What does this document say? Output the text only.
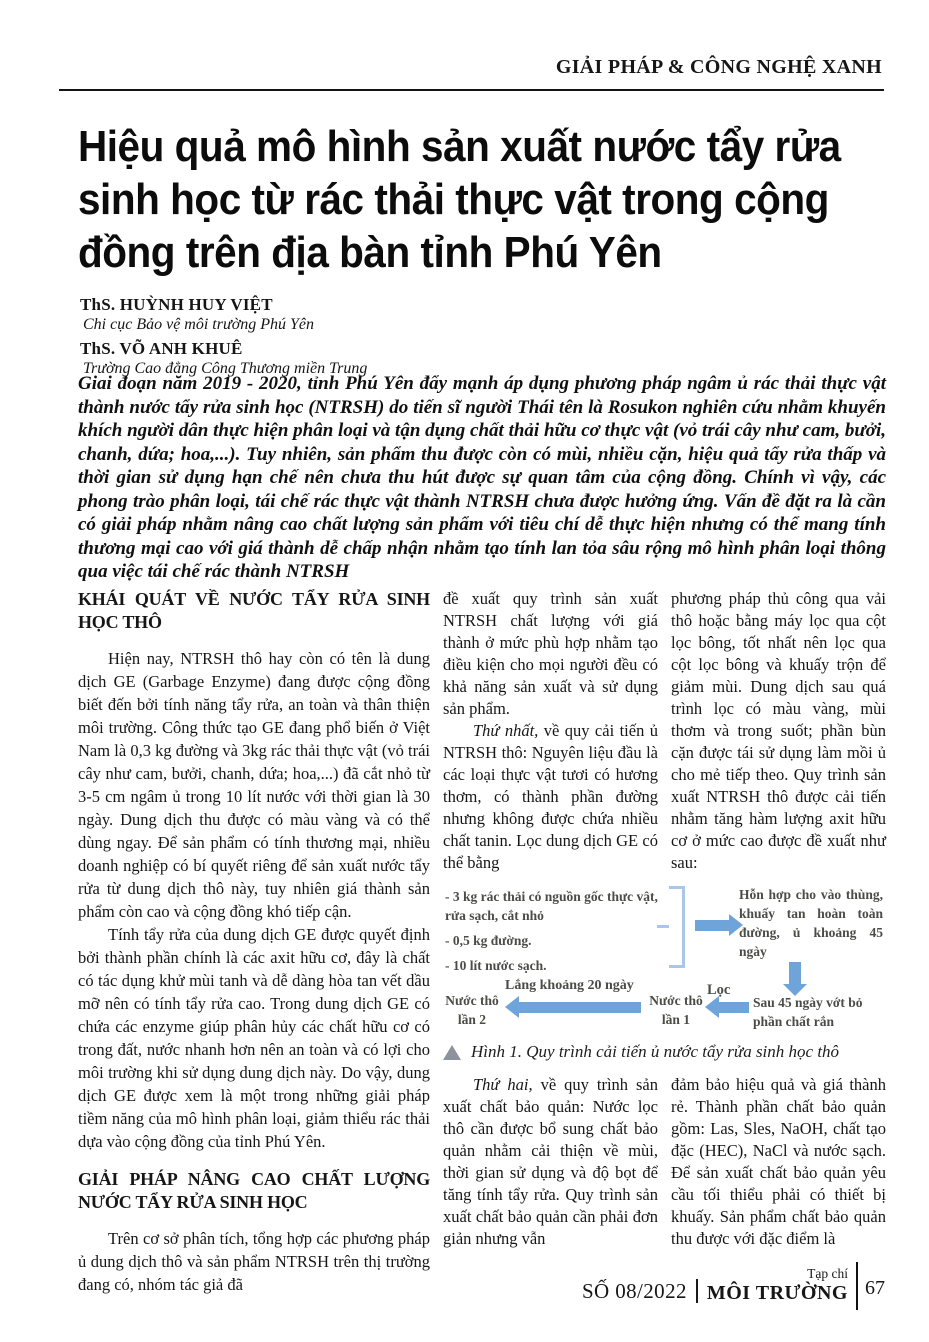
GIẢI PHÁP & CÔNG NGHỆ XANH
Hiệu quả mô hình sản xuất nước tẩy rửa sinh học từ rác thải thực vật trong cộng đồng trên địa bàn tỉnh Phú Yên
ThS. HUỲNH HUY VIỆT
Chi cục Bảo vệ môi trường Phú Yên
ThS. VÕ ANH KHUÊ
Trường Cao đẳng Công Thương miền Trung
Giai đoạn năm 2019 - 2020, tỉnh Phú Yên đẩy mạnh áp dụng phương pháp ngâm ủ rác thải thực vật thành nước tẩy rửa sinh học (NTRSH) do tiến sĩ người Thái tên là Rosukon nghiên cứu nhằm khuyến khích người dân thực hiện phân loại và tận dụng chất thải hữu cơ thực vật (vỏ trái cây như cam, bưởi, chanh, dứa; hoa,...). Tuy nhiên, sản phẩm thu được còn có mùi, nhiều cặn, hiệu quả tẩy rửa thấp và thời gian sử dụng hạn chế nên chưa thu hút được sự quan tâm của cộng đồng. Chính vì vậy, các phong trào phân loại, tái chế rác thực vật thành NTRSH chưa được hưởng ứng. Vấn đề đặt ra là cần có giải pháp nhằm nâng cao chất lượng sản phẩm với tiêu chí dễ thực hiện nhưng có thể mang tính thương mại cao với giá thành dễ chấp nhận nhằm tạo tính lan tỏa sâu rộng mô hình phân loại thông qua việc tái chế rác thành NTRSH
KHÁI QUÁT VỀ NƯỚC TẨY RỬA SINH HỌC THÔ

Hiện nay, NTRSH thô hay còn có tên là dung dịch GE (Garbage Enzyme) đang được cộng đồng biết đến bởi tính năng tẩy rửa, an toàn và thân thiện môi trường. Công thức tạo GE đang phổ biến ở Việt Nam là 0,3 kg đường và 3kg rác thải thực vật (vỏ trái cây như cam, bưởi, chanh, dứa; hoa,...) đã cắt nhỏ từ 3-5 cm ngâm ủ trong 10 lít nước với thời gian là 30 ngày. Dung dịch thu được có màu vàng và có thể dùng ngay. Để sản phẩm có tính thương mại, nhiều doanh nghiệp có bí quyết riêng để sản xuất nước tẩy rửa từ dung dịch thô này, tuy nhiên giá thành sản phẩm còn cao và cộng đồng khó tiếp cận.

Tính tẩy rửa của dung dịch GE được quyết định bởi thành phần chính là các axit hữu cơ, đây là chất có tác dụng khử mùi tanh và dễ dàng hòa tan vết dầu mỡ nên có tính tẩy rửa cao. Trong dung dịch GE có chứa các enzyme giúp phân hủy các chất hữu cơ có trong đất, nước nhanh hơn nên an toàn và có lợi cho môi trường khi sử dụng dung dịch này. Do vậy, dung dịch GE được xem là một trong những giải pháp tiềm năng của mô hình phân loại, giảm thiểu rác thải dựa vào cộng đồng của tỉnh Phú Yên.

GIẢI PHÁP NÂNG CAO CHẤT LƯỢNG NƯỚC TẨY RỬA SINH HỌC

Trên cơ sở phân tích, tổng hợp các phương pháp ủ dung dịch thô và sản phẩm NTRSH trên thị trường đang có, nhóm tác giả đã

đề xuất quy trình sản xuất NTRSH chất lượng với giá thành ở mức phù hợp nhằm tạo điều kiện cho mọi người đều có khả năng sản xuất và sử dụng sản phẩm.

Thứ nhất, về quy cải tiến ủ NTRSH thô: Nguyên liệu đầu là các loại thực vật tươi có hương thơm, có thành phần đường nhưng không được chứa nhiều chất tanin. Lọc dung dịch GE có thể bằng

phương pháp thủ công qua vải thô hoặc bằng máy lọc qua cột lọc bông, tốt nhất nên lọc qua cột lọc bông và khuấy trộn để giảm mùi. Dung dịch sau quá trình lọc có màu vàng, mùi thơm và trong suốt; phần bùn cặn được tái sử dụng làm mồi ủ cho mẻ tiếp theo. Quy trình sản xuất NTRSH thô được cải tiến nhằm tăng hàm lượng axit hữu cơ ở mức cao được đề xuất như sau:

- 3 kg rác thải có nguồn gốc thực vật, rửa sạch, cắt nhỏ
- 0,5 kg đường.
- 10 lít nước sạch.
Hỗn hợp cho vào thùng, khuấy tan hoàn toàn đường, ủ khoảng 45 ngày
Sau 45 ngày vớt bỏ phần chất rắn
Lọc
Nước thô lần 1
Lắng khoảng 20 ngày
Nước thô lần 2
Hình 1. Quy trình cải tiến ủ nước tẩy rửa sinh học thô

Thứ hai, về quy trình sản xuất chất bảo quản: Nước lọc thô cần được bổ sung chất bảo quản nhằm cải thiện về mùi, thời gian sử dụng và độ bọt để tăng tính tẩy rửa. Quy trình sản xuất chất bảo quản cần phải đơn giản nhưng vẫn

đảm bảo hiệu quả và giá thành rẻ. Thành phần chất bảo quản gồm: Las, Sles, NaOH, chất tạo đặc (HEC), NaCl và nước sạch. Để sản xuất chất bảo quản yêu cầu tối thiểu phải có thiết bị khuấy. Sản phẩm chất bảo quản thu được với đặc điểm là

SỐ 08/2022
Tạp chí
MÔI TRƯỜNG 67
